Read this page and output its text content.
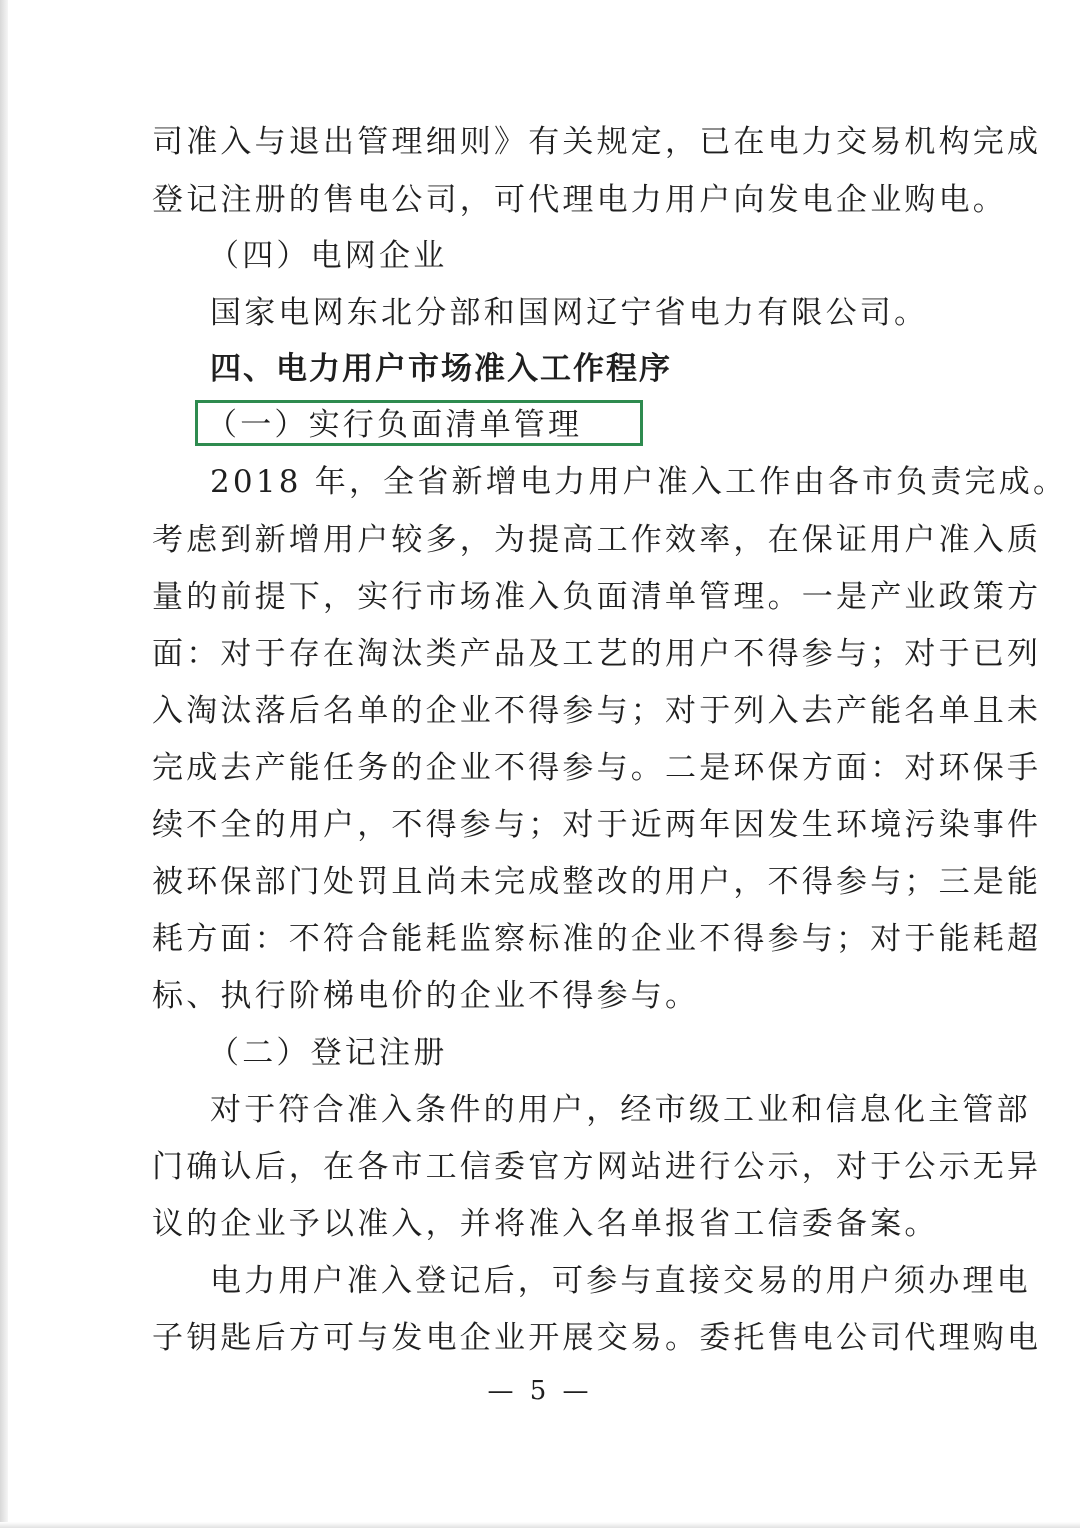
司准入与退出管理细则》有关规定，已在电力交易机构完成
登记注册的售电公司，可代理电力用户向发电企业购电。
（四）电网企业
国家电网东北分部和国网辽宁省电力有限公司。
四、电力用户市场准入工作程序
（一）实行负面清单管理
2018 年，全省新增电力用户准入工作由各市负责完成。
考虑到新增用户较多，为提高工作效率，在保证用户准入质
量的前提下，实行市场准入负面清单管理。一是产业政策方
面：对于存在淘汰类产品及工艺的用户不得参与；对于已列
入淘汰落后名单的企业不得参与；对于列入去产能名单且未
完成去产能任务的企业不得参与。二是环保方面：对环保手
续不全的用户，不得参与；对于近两年因发生环境污染事件
被环保部门处罚且尚未完成整改的用户，不得参与；三是能
耗方面：不符合能耗监察标准的企业不得参与；对于能耗超
标、执行阶梯电价的企业不得参与。
（二）登记注册
对于符合准入条件的用户，经市级工业和信息化主管部
门确认后，在各市工信委官方网站进行公示，对于公示无异
议的企业予以准入，并将准入名单报省工信委备案。
电力用户准入登记后，可参与直接交易的用户须办理电
子钥匙后方可与发电企业开展交易。委托售电公司代理购电
— 5 —
